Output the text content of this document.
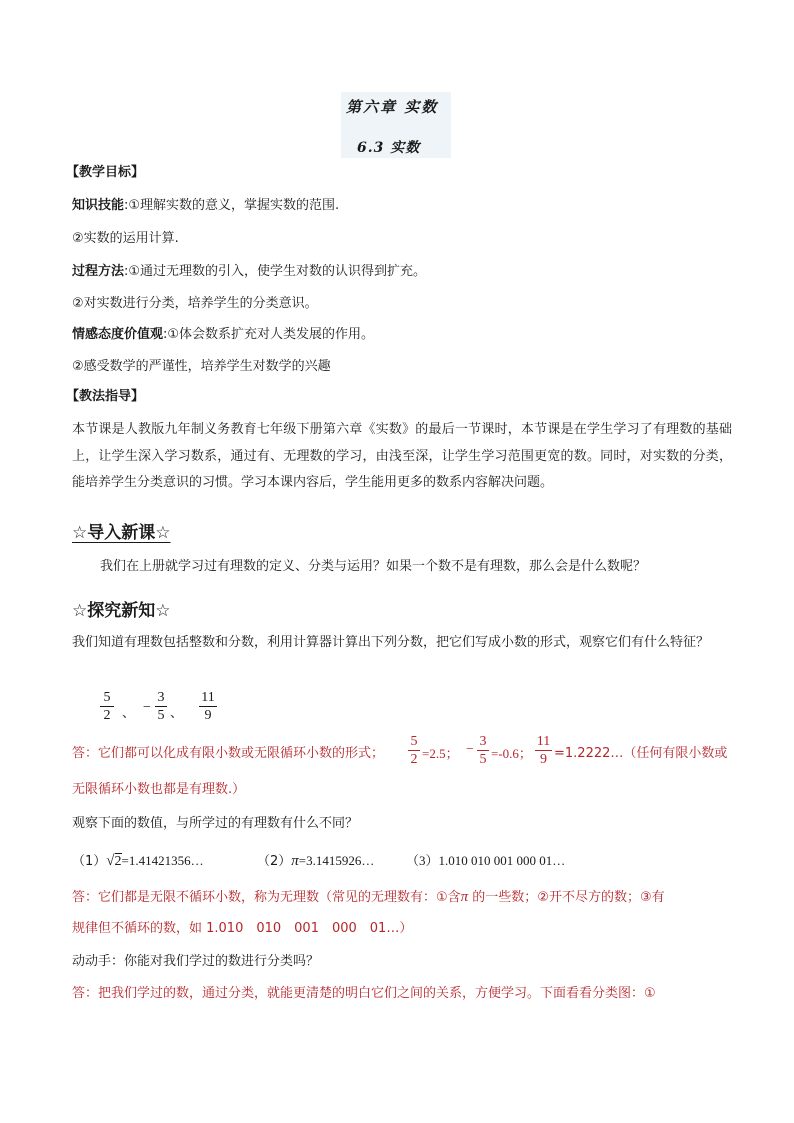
第六章 实数
6.3 实数
【教学目标】
知识技能:①理解实数的意义，掌握实数的范围.
②实数的运用计算.
过程方法:①通过无理数的引入，使学生对数的认识得到扩充。
②对实数进行分类，培养学生的分类意识。
情感态度价值观:①体会数系扩充对人类发展的作用。
②感受数学的严谨性，培养学生对数学的兴趣
【教法指导】
本节课是人教版九年制义务教育七年级下册第六章《实数》的最后一节课时，本节课是在学生学习了有理数的基础上，让学生深入学习数系，通过有、无理数的学习，由浅至深，让学生学习范围更宽的数。同时，对实数的分类，能培养学生分类意识的习惯。学习本课内容后，学生能用更多的数系内容解决问题。
☆导入新课☆
我们在上册就学习过有理数的定义、分类与运用？如果一个数不是有理数，那么会是什么数呢？
☆探究新知☆
我们知道有理数包括整数和分数，利用计算器计算出下列分数，把它们写成小数的形式，观察它们有什么特征？
5
2 、 −
3
5 、
11
9
答：它们都可以化成有限小数或无限循环小数的形式；
5
2 =2.5； −
3
5 =-0.6；
11
9 =1.2222…（任何有限小数或
无限循环小数也都是有理数.）
观察下面的数值，与所学过的有理数有什么不同？
（1）√2=1.41421356…	（2）π=3.1415926… （3）1.010 010 001 000 01…
答：它们都是无限不循环小数，称为无理数（常见的无理数有：①含π 的一些数；②开不尽方的数；③有
规律但不循环的数，如 1.010　010　001　000　01…）
动动手：你能对我们学过的数进行分类吗？
答：把我们学过的数，通过分类，就能更清楚的明白它们之间的关系，方便学习。下面看看分类图：①
